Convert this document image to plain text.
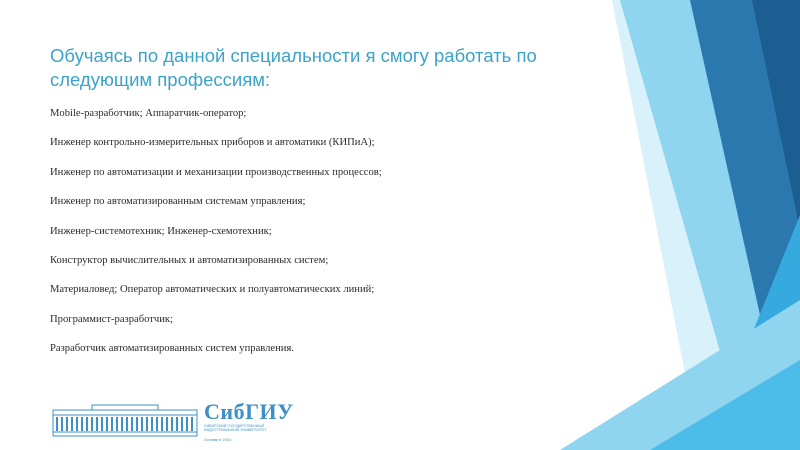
Обучаясь по данной специальности я смогу работать по следующим профессиям:
Mobile-разработчик; Аппаратчик-оператор;
Инженер контрольно-измерительных приборов и автоматики (КИПиА);
Инженер по автоматизации и механизации производственных процессов;
Инженер по автоматизированным системам управления;
Инженер-системотехник; Инженер-схемотехник;
Конструктор вычислительных и автоматизированных систем;
Материаловед; Оператор автоматических и полуавтоматических линий;
Программист-разработчик;
Разработчик автоматизированных систем управления.
СибГИУ
СИБИРСКИЙ ГОСУДАРСТВЕННЫЙ ИНДУСТРИАЛЬНЫЙ УНИВЕРСИТЕТ
Основан в 1930 г.
